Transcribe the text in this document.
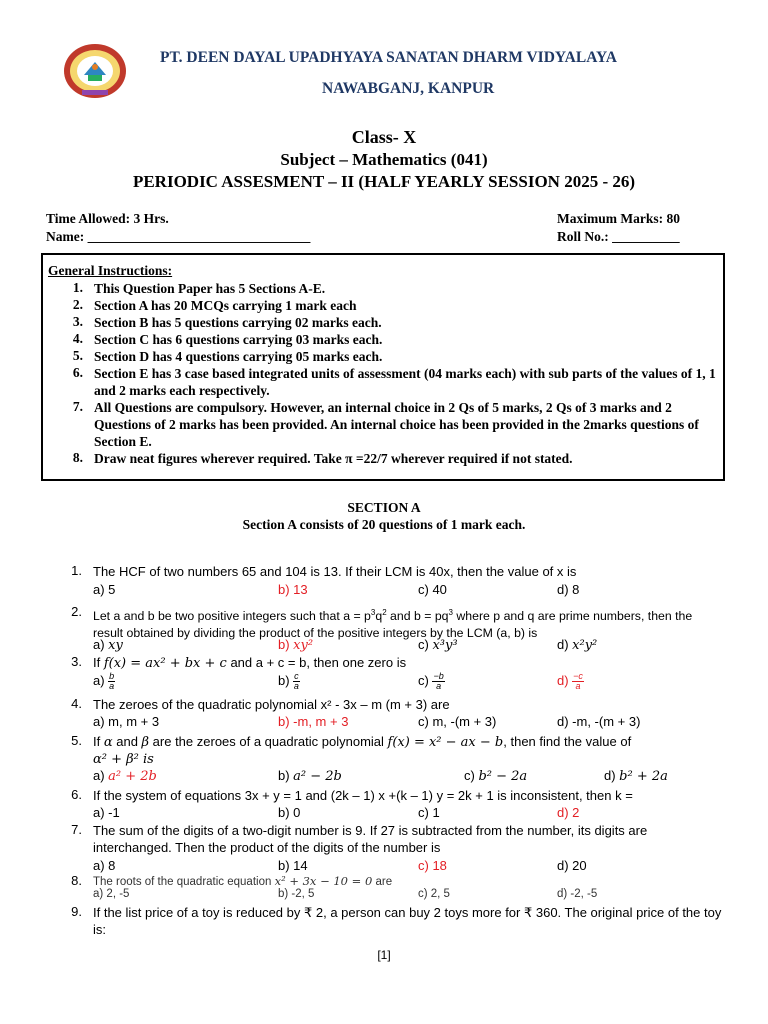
PT. DEEN DAYAL UPADHYAYA SANATAN DHARM VIDYALAYA
NAWABGANJ, KANPUR
Class- X
Subject – Mathematics (041)
PERIODIC ASSESMENT – II (HALF YEARLY SESSION 2025 - 26)
Time Allowed: 3 Hrs.	Maximum Marks: 80
Name: _________________________________	Roll No.: __________
General Instructions:
1. This Question Paper has 5 Sections A-E.
2. Section A has 20 MCQs carrying 1 mark each
3. Section B has 5 questions carrying 02 marks each.
4. Section C has 6 questions carrying 03 marks each.
5. Section D has 4 questions carrying 05 marks each.
6. Section E has 3 case based integrated units of assessment (04 marks each) with sub parts of the values of 1, 1 and 2 marks each respectively.
7. All Questions are compulsory. However, an internal choice in 2 Qs of 5 marks, 2 Qs of 3 marks and 2 Questions of 2 marks has been provided. An internal choice has been provided in the 2marks questions of Section E.
8. Draw neat figures wherever required. Take π =22/7 wherever required if not stated.
SECTION A
Section A consists of 20 questions of 1 mark each.
1. The HCF of two numbers 65 and 104 is 13. If their LCM is 40x, then the value of x is
a) 5	b) 13	c) 40	d) 8
2. Let a and b be two positive integers such that $a = p^3q^2$ and $b = pq^3$ where p and q are prime numbers, then the result obtained by dividing the product of the positive integers by the LCM (a, b) is
a) xy	b) xy²	c) x³y³	d) x²y²
3. If f(x) = ax² + bx + c and a + c = b, then one zero is
$a) \frac{b}{a}$	$b) \frac{c}{a}$	$c) \frac{-b}{a}$	$d) \frac{-c}{a}$
4. The zeroes of the quadratic polynomial x² - 3x – m (m + 3) are
a) m, m + 3	b) -m, m + 3	c) m, -(m + 3)	d) -m, -(m + 3)
5. If α and β are the zeroes of a quadratic polynomial f(x) = x² − ax − b, then find the value of
α² + β² is
a) a² + 2b	b) a² − 2b	c) b² − 2a	d) b² + 2a
6. If the system of equations 3x + y = 1 and (2k – 1) x +(k – 1) y = 2k + 1 is inconsistent, then k =
a) -1	b) 0	c) 1	d) 2
7. The sum of the digits of a two-digit number is 9. If 27 is subtracted from the number, its digits are interchanged. Then the product of the digits of the number is
a) 8	b) 14	c) 18	d) 20
8. The roots of the quadratic equation x² + 3x − 10 = 0 are
a) 2, -5	b) -2, 5	c) 2, 5	d) -2, -5
9. If the list price of a toy is reduced by ₹ 2, a person can buy 2 toys more for ₹ 360. The original price of the toy is:
[1]
